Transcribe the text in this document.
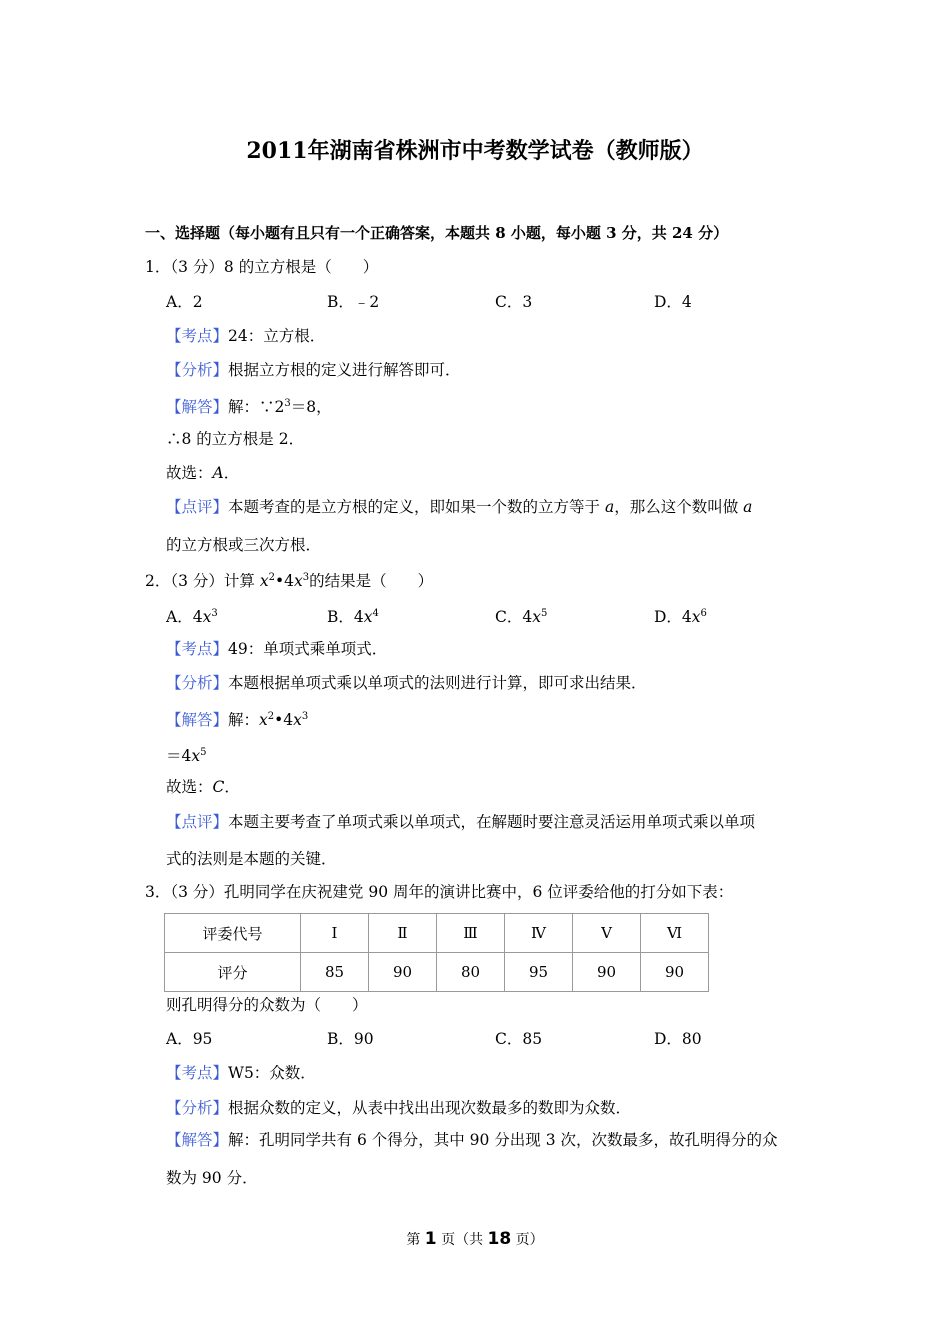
2011年湖南省株洲市中考数学试卷（教师版）
一、选择题（每小题有且只有一个正确答案，本题共 8 小题，每小题 3 分，共 24 分）
1．（3 分）8 的立方根是（　　）
A．2	B．﹣2	C．3	D．4
【考点】24：立方根．
【分析】根据立方根的定义进行解答即可．
【解答】解：$\because 2^3=8$，
∴8 的立方根是 2．
故选：A．
【点评】本题考查的是立方根的定义，即如果一个数的立方等于 a，那么这个数叫做 a
的立方根或三次方根．
2．（3 分）计算 $x^2•4x^3$的结果是（　　）
A．$4x^3$	B．$4x^4$	C．$4x^5$	D．$4x^6$
【考点】49：单项式乘单项式．
【分析】本题根据单项式乘以单项式的法则进行计算，即可求出结果．
【解答】解：$x^2•4x^3$
$=4x^5$
故选：C．
【点评】本题主要考查了单项式乘以单项式，在解题时要注意灵活运用单项式乘以单项
式的法则是本题的关键．
3．（3 分）孔明同学在庆祝建党 90 周年的演讲比赛中，6 位评委给他的打分如下表：
评委代号	Ⅰ	Ⅱ	Ⅲ	Ⅳ	Ⅴ	Ⅵ
评分	85	90	80	95	90	90
则孔明得分的众数为（　　）
A．95	B．90	C．85	D．80
【考点】W5：众数．
【分析】根据众数的定义，从表中找出出现次数最多的数即为众数．
【解答】解：孔明同学共有 6 个得分，其中 90 分出现 3 次，次数最多，故孔明得分的众
数为 90 分．
第 1 页（共 18 页）
